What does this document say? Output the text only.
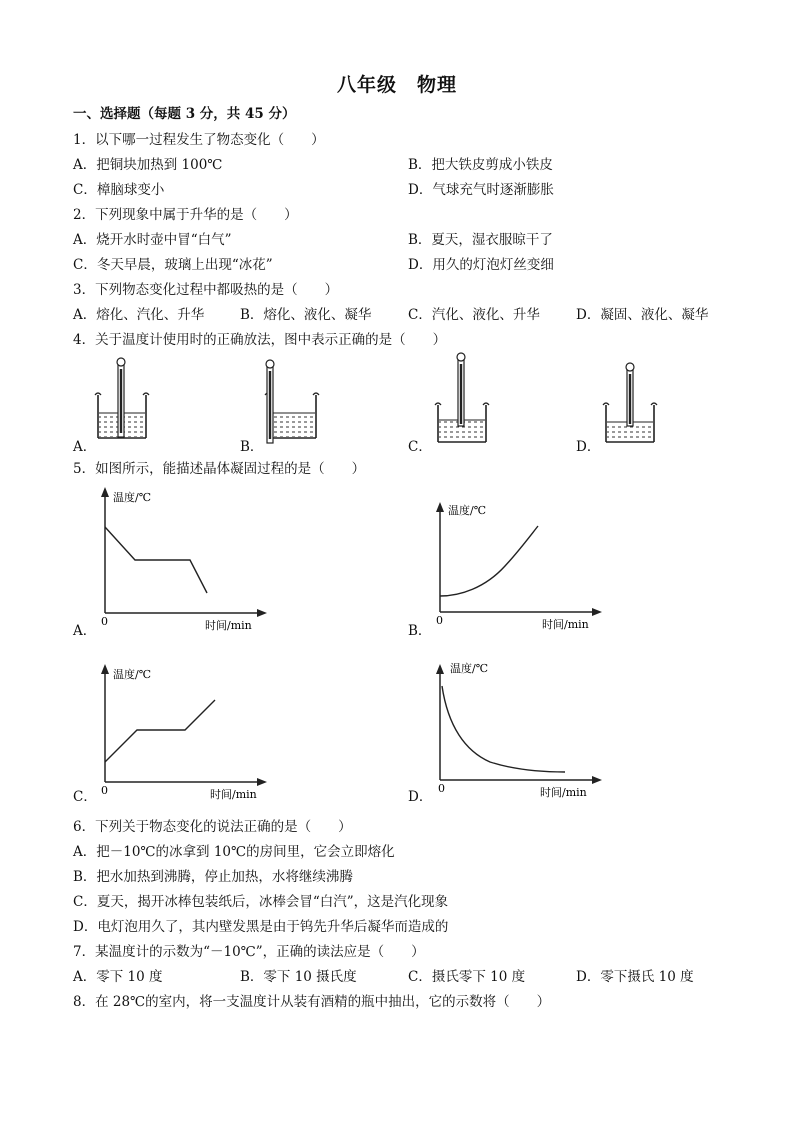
八年级　物理
一、选择题（每题 3 分，共 45 分）
1．以下哪一过程发生了物态变化（　　）
A．把铜块加热到 100℃	B．把大铁皮剪成小铁皮
C．樟脑球变小	D．气球充气时逐渐膨胀
2．下列现象中属于升华的是（　　）
A．烧开水时壶中冒“白气”	B．夏天，湿衣服晾干了
C．冬天早晨，玻璃上出现“冰花”	D．用久的灯泡灯丝变细
3．下列物态变化过程中都吸热的是（　　）
A．熔化、汽化、升华	B．熔化、液化、凝华	C．汽化、液化、升华	D．凝固、液化、凝华
4．关于温度计使用时的正确放法，图中表示正确的是（　　）
A．	B．	C．	D．
5．如图所示，能描述晶体凝固过程的是（　　）
温度/℃
0	时间/min
A．
温度/℃
0	时间/min
B．
温度/℃
0	时间/min
C．
温度/℃
0	时间/min
D．
6．下列关于物态变化的说法正确的是（　　）
A．把－10℃的冰拿到 10℃的房间里，它会立即熔化
B．把水加热到沸腾，停止加热，水将继续沸腾
C．夏天，揭开冰棒包装纸后，冰棒会冒“白汽”，这是汽化现象
D．电灯泡用久了，其内壁发黑是由于钨先升华后凝华而造成的
7．某温度计的示数为“－10℃”，正确的读法应是（　　）
A．零下 10 度	B．零下 10 摄氏度	C．摄氏零下 10 度	D．零下摄氏 10 度
8．在 28℃的室内，将一支温度计从装有酒精的瓶中抽出，它的示数将（　　）
